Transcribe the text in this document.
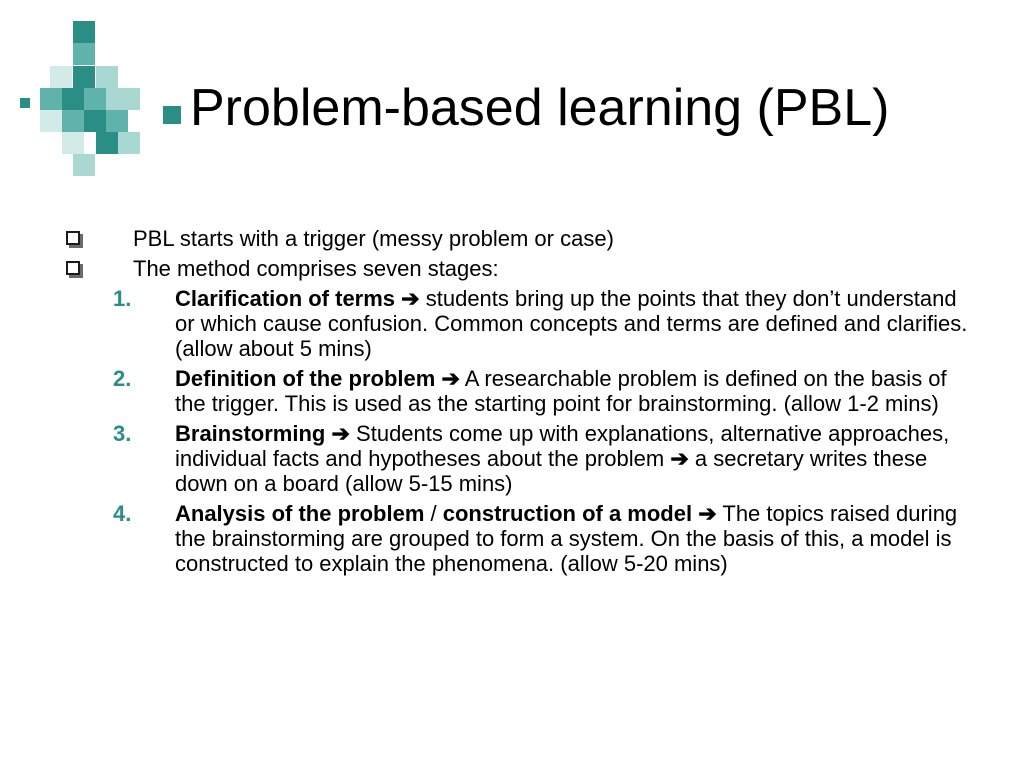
Problem-based learning (PBL)
PBL starts with a trigger (messy problem or case)
The method comprises seven stages:
1. Clarification of terms ➔ students bring up the points that they don’t understand or which cause confusion. Common concepts and terms are defined and clarifies. (allow about 5 mins)
2. Definition of the problem ➔ A researchable problem is defined on the basis of the trigger. This is used as the starting point for brainstorming. (allow 1-2 mins)
3. Brainstorming ➔ Students come up with explanations, alternative approaches, individual facts and hypotheses about the problem ➔ a secretary writes these down on a board (allow 5-15 mins)
4. Analysis of the problem / construction of a model ➔ The topics raised during the brainstorming are grouped to form a system. On the basis of this, a model is constructed to explain the phenomena. (allow 5-20 mins)
